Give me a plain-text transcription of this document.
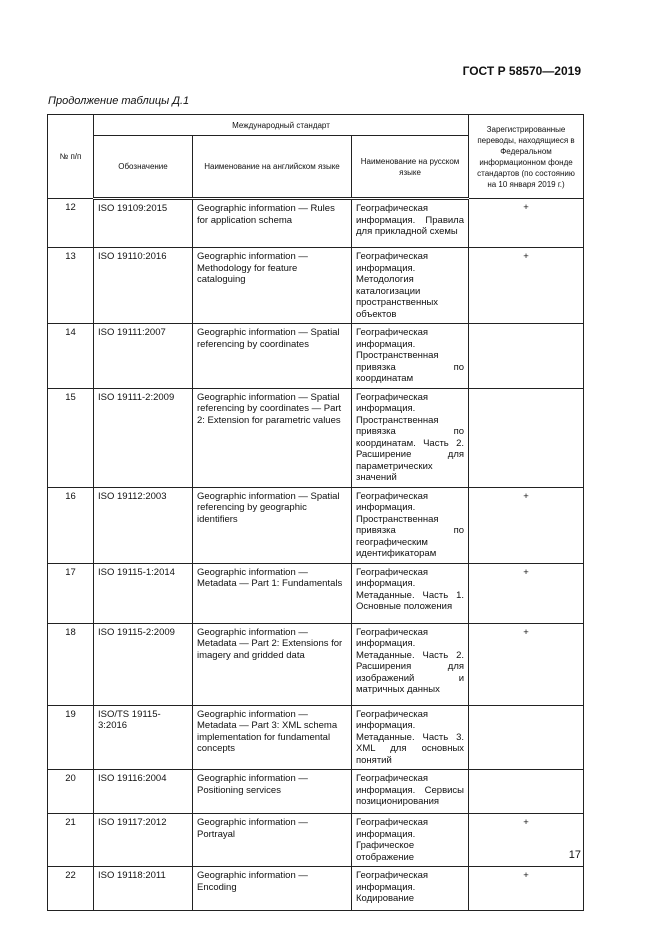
ГОСТ Р 58570—2019
Продолжение таблицы Д.1
№ п/п	Международный стандарт			Зарегистрированные переводы, находящиеся в Федеральном информационном фонде стандартов (по состоянию на 10 января 2019 г.)
	Обозначение	Наименование на английском языке	Наименование на русском языке	
12	ISO 19109:2015	Geographic information — Rules for application schema	Географическая информация. Правила для прикладной схемы	+
13	ISO 19110:2016	Geographic information — Methodology for feature cataloguing	Географическая информация. Методология каталогизации пространственных объектов	+
14	ISO 19111:2007	Geographic information — Spatial referencing by coordinates	Географическая информация. Пространственная привязка по координатам	
15	ISO 19111-2:2009	Geographic information — Spatial referencing by coordinates — Part 2: Extension for parametric values	Географическая информация. Пространственная привязка по координатам. Часть 2. Расширение для параметрических значений	
16	ISO 19112:2003	Geographic information — Spatial referencing by geographic identifiers	Географическая информация. Пространственная привязка по географическим идентификаторам	+
17	ISO 19115-1:2014	Geographic information — Metadata — Part 1: Fundamentals	Географическая информация. Метаданные. Часть 1. Основные положения	+
18	ISO 19115-2:2009	Geographic information — Metadata — Part 2: Extensions for imagery and gridded data	Географическая информация. Метаданные. Часть 2. Расширения для изображений и матричных данных	+
19	ISO/TS 19115-3:2016	Geographic information — Metadata — Part 3: XML schema implementation for fundamental concepts	Географическая информация. Метаданные. Часть 3. XML для основных понятий	
20	ISO 19116:2004	Geographic information — Positioning services	Географическая информация. Сервисы позиционирования	
21	ISO 19117:2012	Geographic information — Portrayal	Географическая информация. Графическое отображение	+
22	ISO 19118:2011	Geographic information — Encoding	Географическая информация. Кодирование	+
17
